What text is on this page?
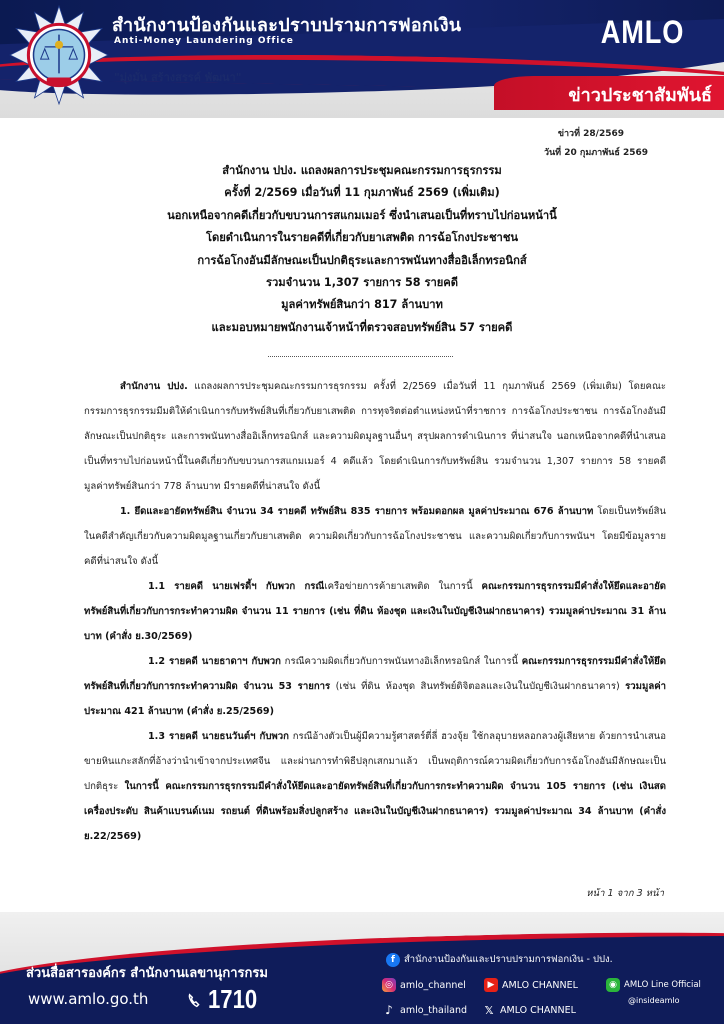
สำนักงานป้องกันและปราบปรามการฟอกเงิน
Anti-Money Laundering Office
"มุ่งมั่น สร้างสรรค์ พัฒนา"
AMLO
ข่าวประชาสัมพันธ์
ข่าวที่ 28/2569
วันที่ 20 กุมภาพันธ์ 2569
สำนักงาน ปปง. แถลงผลการประชุมคณะกรรมการธุรกรรม
ครั้งที่ 2/2569 เมื่อวันที่ 11 กุมภาพันธ์ 2569 (เพิ่มเติม)
นอกเหนือจากคดีเกี่ยวกับขบวนการสแกมเมอร์ ซึ่งนำเสนอเป็นที่ทราบไปก่อนหน้านี้
โดยดำเนินการในรายคดีที่เกี่ยวกับยาเสพติด การฉ้อโกงประชาชน
การฉ้อโกงอันมีลักษณะเป็นปกติธุระและการพนันทางสื่ออิเล็กทรอนิกส์
รวมจำนวน 1,307 รายการ 58 รายคดี
มูลค่าทรัพย์สินกว่า 817 ล้านบาท
และมอบหมายพนักงานเจ้าหน้าที่ตรวจสอบทรัพย์สิน 57 รายคดี

สำนักงาน ปปง. แถลงผลการประชุมคณะกรรมการธุรกรรม ครั้งที่ 2/2569 เมื่อวันที่ 11 กุมภาพันธ์ 2569 (เพิ่มเติม) โดยคณะกรรมการธุรกรรมมีมติให้ดำเนินการกับทรัพย์สินที่เกี่ยวกับยาเสพติด การทุจริตต่อตำแหน่งหน้าที่ราชการ การฉ้อโกงประชาชน การฉ้อโกงอันมีลักษณะเป็นปกติธุระ และการพนันทางสื่ออิเล็กทรอนิกส์ และความผิดมูลฐานอื่นๆ สรุปผลการดำเนินการ ที่น่าสนใจ นอกเหนือจากคดีที่นำเสนอเป็นที่ทราบไปก่อนหน้านี้ในคดีเกี่ยวกับขบวนการสแกมเมอร์ 4 คดีแล้ว โดยดำเนินการกับทรัพย์สิน รวมจำนวน 1,307 รายการ 58 รายคดี มูลค่าทรัพย์สินกว่า 778 ล้านบาท มีรายคดีที่น่าสนใจ ดังนี้

1. ยึดและอายัดทรัพย์สิน จำนวน 34 รายคดี ทรัพย์สิน 835 รายการ พร้อมดอกผล มูลค่าประมาณ 676 ล้านบาท โดยเป็นทรัพย์สินในคดีสำคัญเกี่ยวกับความผิดมูลฐานเกี่ยวกับยาเสพติด ความผิดเกี่ยวกับการฉ้อโกงประชาชน และความผิดเกี่ยวกับการพนันฯ โดยมีข้อมูลรายคดีที่น่าสนใจ ดังนี้

1.1 รายคดี นายเฟรดี้ฯ กับพวก กรณีเครือข่ายการค้ายาเสพติด ในการนี้ คณะกรรมการธุรกรรมมีคำสั่งให้ยึดและอายัดทรัพย์สินที่เกี่ยวกับการกระทำความผิด จำนวน 11 รายการ (เช่น ที่ดิน ห้องชุด และเงินในบัญชีเงินฝากธนาคาร) รวมมูลค่าประมาณ 31 ล้านบาท (คำสั่ง ย.30/2569)

1.2 รายคดี นายธาดาฯ กับพวก กรณีความผิดเกี่ยวกับการพนันทางอิเล็กทรอนิกส์ ในการนี้ คณะกรรมการธุรกรรมมีคำสั่งให้ยึดทรัพย์สินที่เกี่ยวกับการกระทำความผิด จำนวน 53 รายการ (เช่น ที่ดิน ห้องชุด สินทรัพย์ดิจิตอลและเงินในบัญชีเงินฝากธนาคาร) รวมมูลค่าประมาณ 421 ล้านบาท (คำสั่ง ย.25/2569)

1.3 รายคดี นายธนวันต์ฯ กับพวก กรณีอ้างตัวเป็นผู้มีความรู้ศาสตร์ตี่ลี่ ฮวงจุ้ย ใช้กลอุบายหลอกลวงผู้เสียหาย ด้วยการนำเสนอขายหินแกะสลักที่อ้างว่านำเข้าจากประเทศจีน และผ่านการทำพิธีปลุกเสกมาแล้ว เป็นพฤติการณ์ความผิดเกี่ยวกับการฉ้อโกงอันมีลักษณะเป็นปกติธุระ ในการนี้ คณะกรรมการธุรกรรมมีคำสั่งให้ยึดและอายัดทรัพย์สินที่เกี่ยวกับการกระทำความผิด จำนวน 105 รายการ (เช่น เงินสด เครื่องประดับ สินค้าแบรนด์เนม รถยนต์ ที่ดินพร้อมสิ่งปลูกสร้าง และเงินในบัญชีเงินฝากธนาคาร) รวมมูลค่าประมาณ 34 ล้านบาท (คำสั่ง ย.22/2569)

หน้า 1 จาก 3 หน้า
ส่วนสื่อสารองค์กร สำนักงานเลขานุการกรม
www.amlo.go.th 1710
f สำนักงานป้องกันและปราบปรามการฟอกเงิน - ปปง.
◎ amlo_channel	▶ AMLO CHANNEL	◉ AMLO Line Official
@insideamlo
♪ amlo_thailand 𝕏 AMLO CHANNEL
